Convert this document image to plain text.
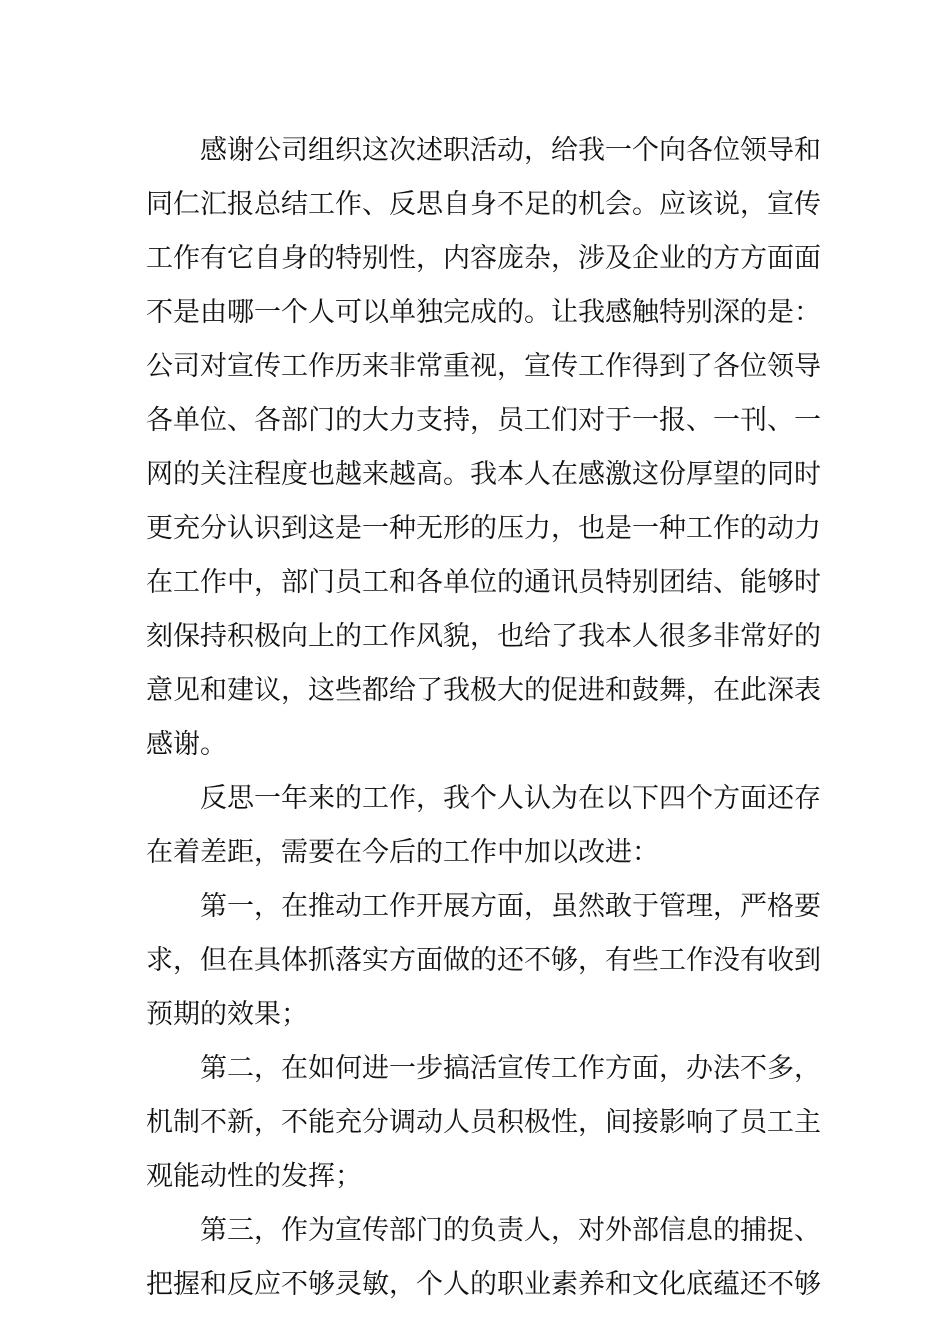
　　感谢公司组织这次述职活动，给我一个向各位领导和
同仁汇报总结工作、反思自身不足的机会。应该说，宣传
工作有它自身的特别性，内容庞杂，涉及企业的方方面面
不是由哪一个人可以单独完成的。让我感触特别深的是：
公司对宣传工作历来非常重视，宣传工作得到了各位领导
各单位、各部门的大力支持，员工们对于一报、一刊、一
网的关注程度也越来越高。我本人在感激这份厚望的同时
更充分认识到这是一种无形的压力，也是一种工作的动力
在工作中，部门员工和各单位的通讯员特别团结、能够时
刻保持积极向上的工作风貌，也给了我本人很多非常好的
意见和建议，这些都给了我极大的促进和鼓舞，在此深表
感谢。
　　反思一年来的工作，我个人认为在以下四个方面还存
在着差距，需要在今后的工作中加以改进：
　　第一，在推动工作开展方面，虽然敢于管理，严格要
求，但在具体抓落实方面做的还不够，有些工作没有收到
预期的效果；
　　第二，在如何进一步搞活宣传工作方面，办法不多，
机制不新，不能充分调动人员积极性，间接影响了员工主
观能动性的发挥；
　　第三，作为宣传部门的负责人，对外部信息的捕捉、
把握和反应不够灵敏，个人的职业素养和文化底蕴还不够
